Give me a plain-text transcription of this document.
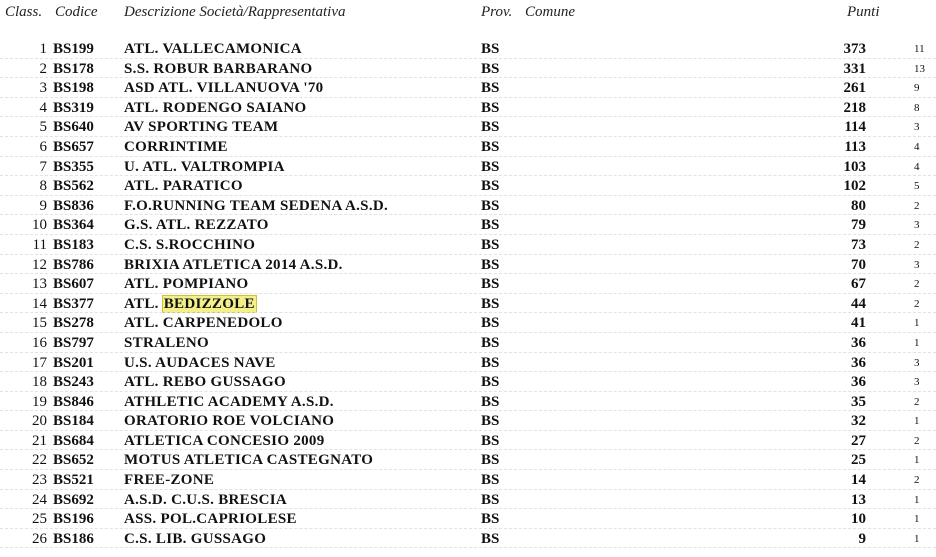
Class. Codice Descrizione Società/Rappresentativa	Prov. Comune	Punti
1 BS199 ATL. VALLECAMONICA	BS	373	11
2 BS178 S.S. ROBUR BARBARANO	BS	331	13
3 BS198 ASD ATL. VILLANUOVA '70	BS	261	9
4 BS319 ATL. RODENGO SAIANO	BS	218	8
5 BS640 AV SPORTING TEAM	BS	114	3
6 BS657 CORRINTIME	BS	113	4
7 BS355 U. ATL. VALTROMPIA	BS	103	4
8 BS562 ATL. PARATICO	BS	102	5
9 BS836 F.O.RUNNING TEAM SEDENA A.S.D.	BS	80	2
10 BS364 G.S. ATL. REZZATO	BS	79	3
11 BS183 C.S. S.ROCCHINO	BS	73	2
12 BS786 BRIXIA ATLETICA 2014 A.S.D.	BS	70	3
13 BS607 ATL. POMPIANO	BS	67	2
14 BS377 ATL. BEDIZZOLE	BS	44	2
15 BS278 ATL. CARPENEDOLO	BS	41	1
16 BS797 STRALENO	BS	36	1
17 BS201 U.S. AUDACES NAVE	BS	36	3
18 BS243 ATL. REBO GUSSAGO	BS	36	3
19 BS846 ATHLETIC ACADEMY A.S.D.	BS	35	2
20 BS184 ORATORIO ROE VOLCIANO	BS	32	1
21 BS684 ATLETICA CONCESIO 2009	BS	27	2
22 BS652 MOTUS ATLETICA CASTEGNATO	BS	25	1
23 BS521 FREE-ZONE	BS	14	2
24 BS692 A.S.D. C.U.S. BRESCIA	BS	13	1
25 BS196 ASS. POL.CAPRIOLESE	BS	10	1
26 BS186 C.S. LIB. GUSSAGO	BS	9	1
